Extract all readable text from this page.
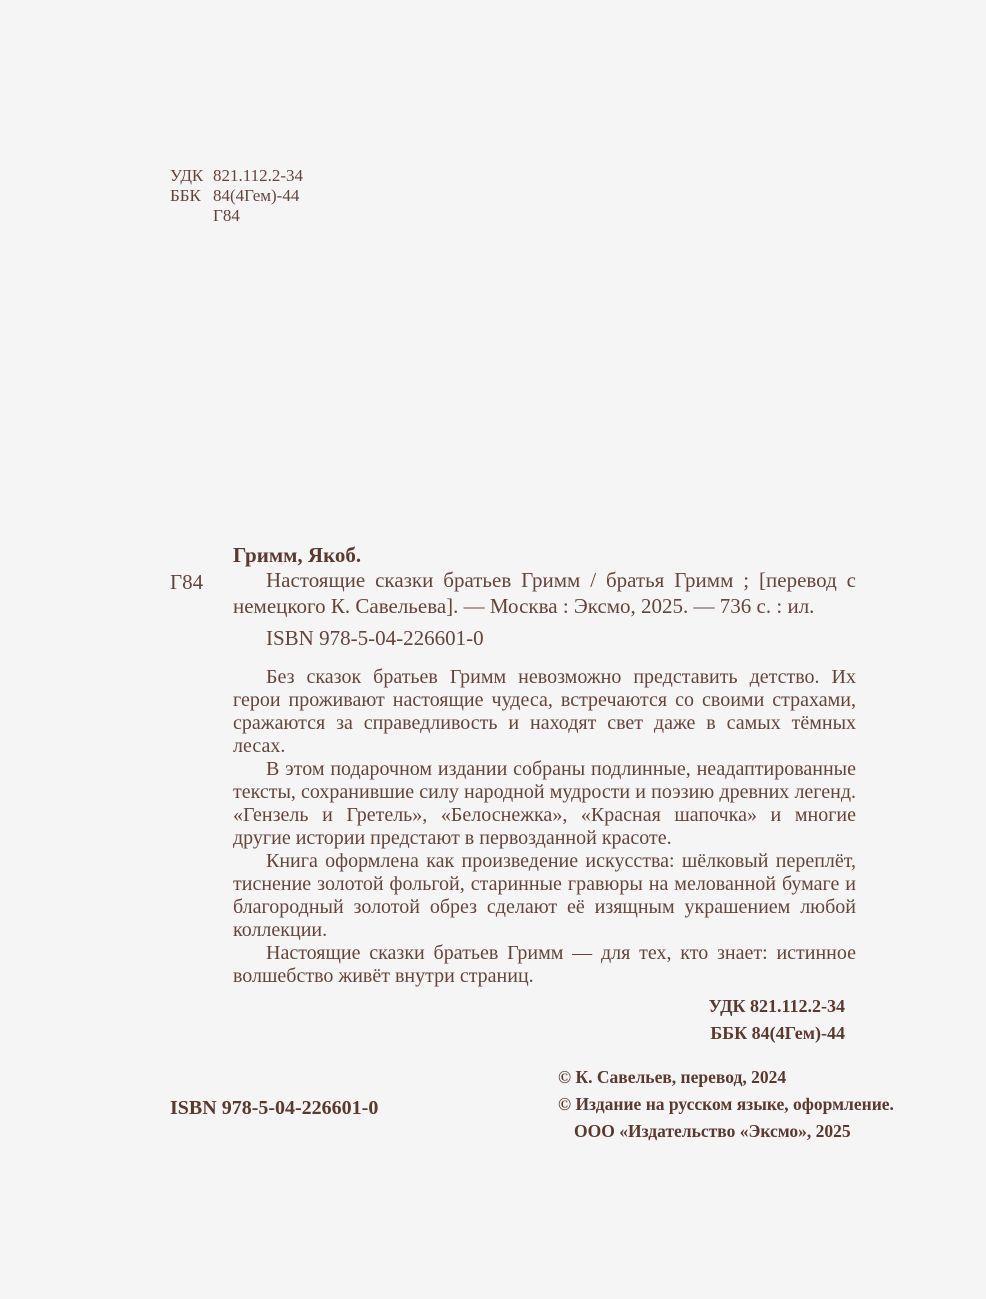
УДК 821.112.2-34
ББК 84(4Гем)-44
Г84
Г84
Гримм, Якоб.
Настоящие сказки братьев Гримм / братья Гримм ; [перевод с немецкого К. Савельева]. — Москва : Эксмо, 2025. — 736 с. : ил.
ISBN 978-5-04-226601-0

Без сказок братьев Гримм невозможно представить детство. Их герои проживают настоящие чудеса, встречаются со своими страхами, сражаются за справедливость и находят свет даже в самых тёмных лесах.

В этом подарочном издании собраны подлинные, неадаптированные тексты, сохранившие силу народной мудрости и поэзию древних легенд. «Гензель и Гретель», «Белоснежка», «Красная шапочка» и многие другие истории предстают в первозданной красоте.

Книга оформлена как произведение искусства: шёлковый переплёт, тиснение золотой фольгой, старинные гравюры на мелованной бумаге и благородный золотой обрез сделают её изящным украшением любой коллекции.

Настоящие сказки братьев Гримм — для тех, кто знает: истинное волшебство живёт внутри страниц.

УДК 821.112.2-34
ББК 84(4Гем)-44
© К. Савельев, перевод, 2024
© Издание на русском языке, оформление.
ООО «Издательство «Эксмо», 2025
ISBN 978-5-04-226601-0
